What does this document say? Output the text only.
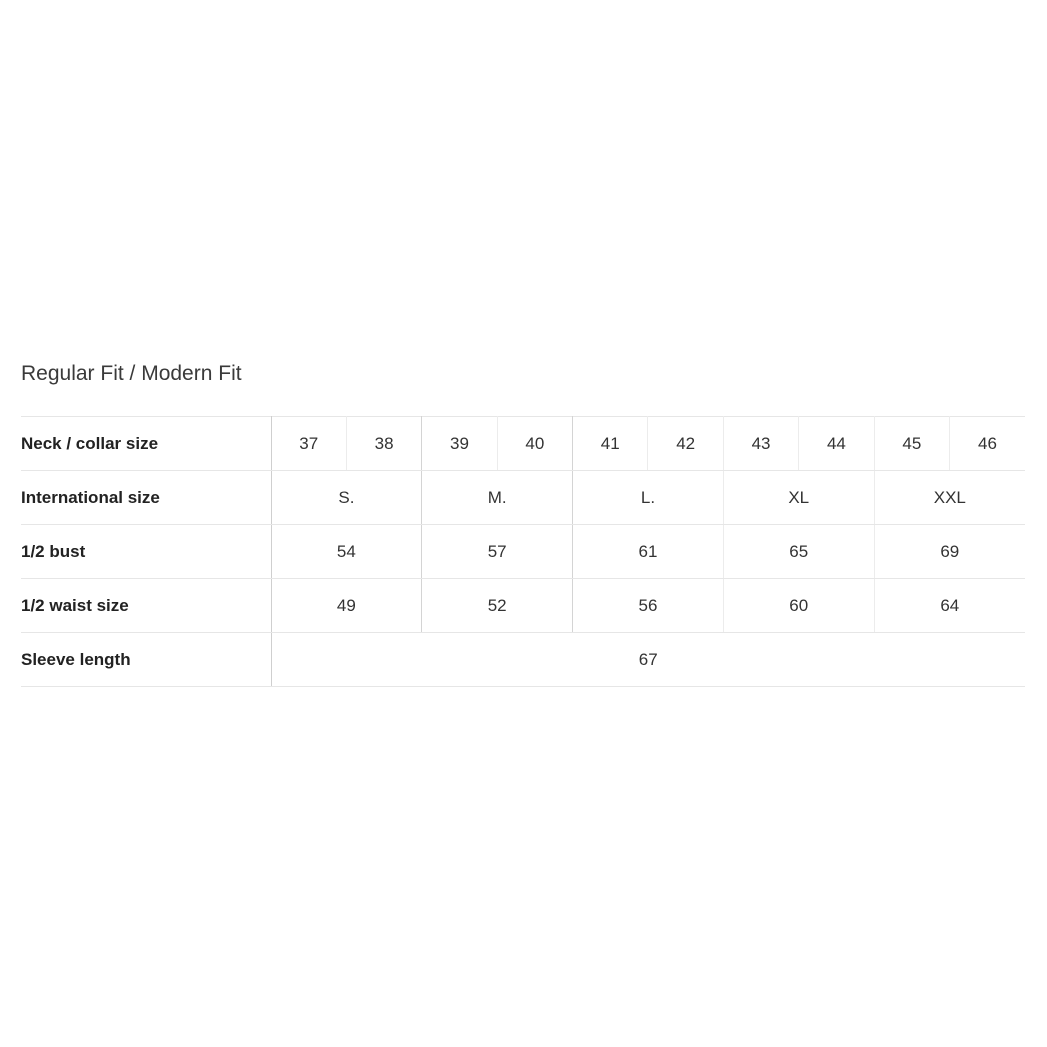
Regular Fit / Modern Fit
Neck / collar size	37	38	39	40	41	42	43	44	45	46
International size	S.		M.		L.		XL		XXL	
1/2 bust	54		57		61		65		69	
1/2 waist size	49		52		56		60		64	
Sleeve length	67									
